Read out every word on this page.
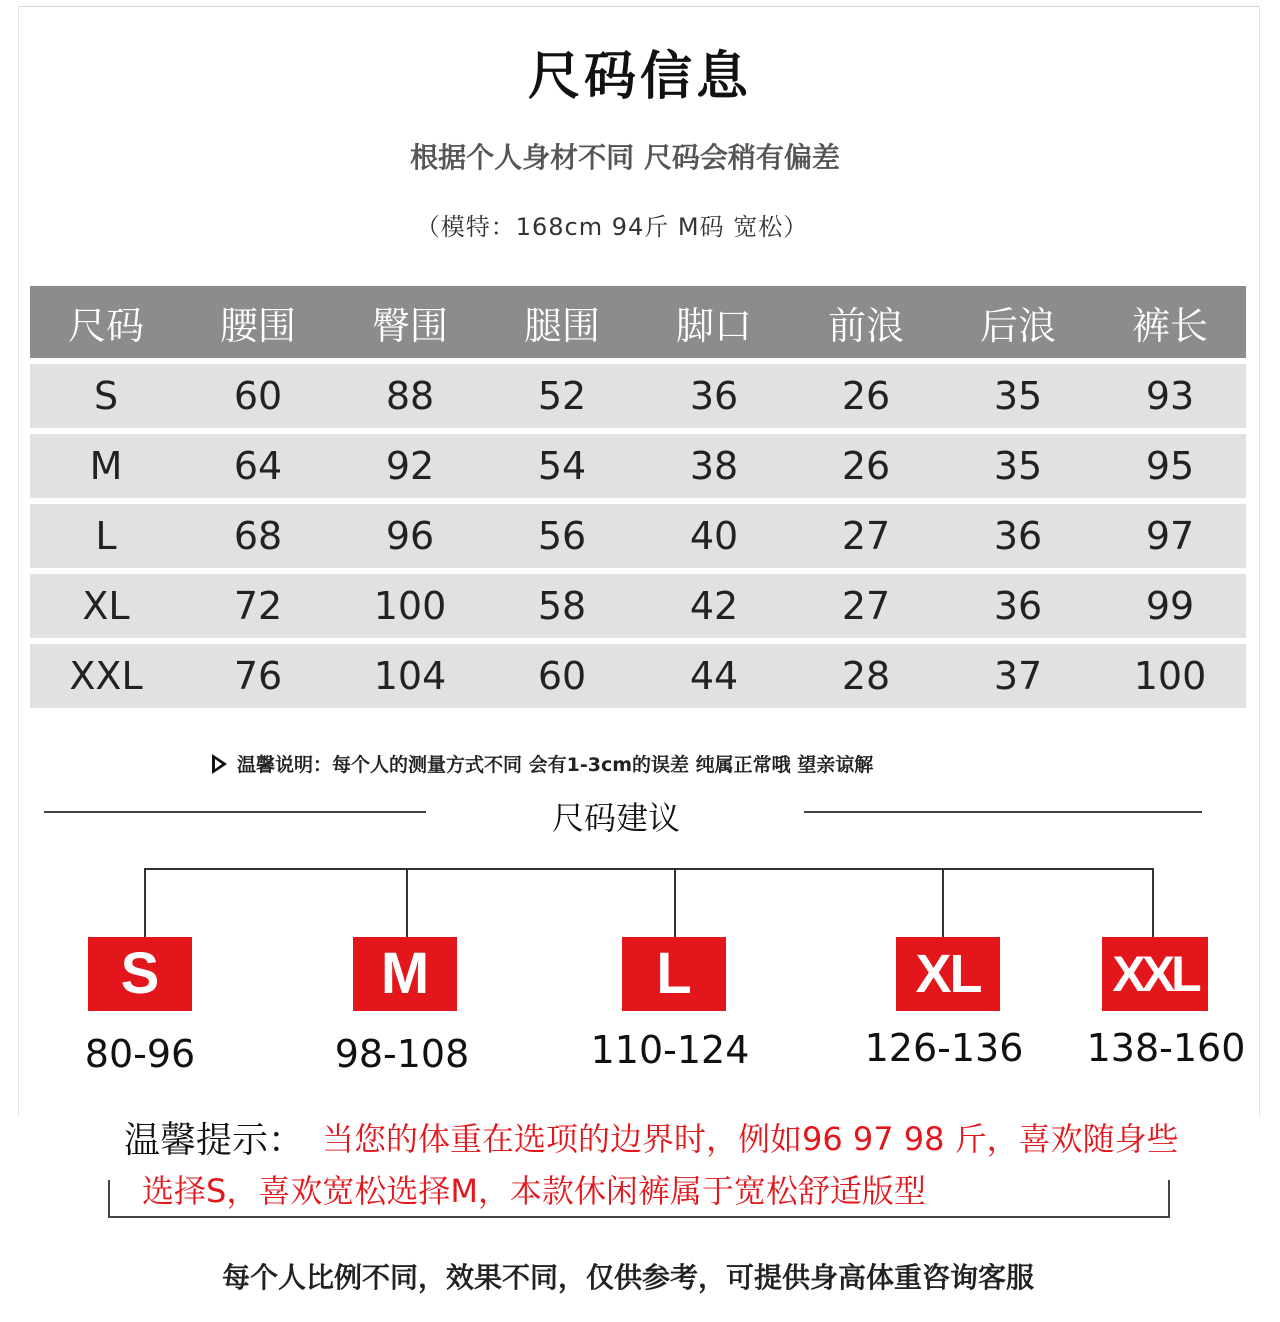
尺码信息
根据个人身材不同 尺码会稍有偏差
（模特：168cm 94斤 M码 宽松）
尺码	腰围	臀围	腿围	脚口	前浪	后浪	裤长
S	60	88	52	36	26	35	93
M	64	92	54	38	26	35	95
L	68	96	56	40	27	36	97
XL	72	100	58	42	27	36	99
XXL	76	104	60	44	28	37	100
温馨说明：每个人的测量方式不同 会有1-3cm的误差 纯属正常哦 望亲谅解
尺码建议
S	M	L	XL	XXL
80-96	98-108	110-124	126-136	138-160
温馨提示： 当您的体重在选项的边界时，例如96 97 98 斤，喜欢随身些
选择S，喜欢宽松选择M，本款休闲裤属于宽松舒适版型
每个人比例不同，效果不同，仅供参考，可提供身高体重咨询客服
